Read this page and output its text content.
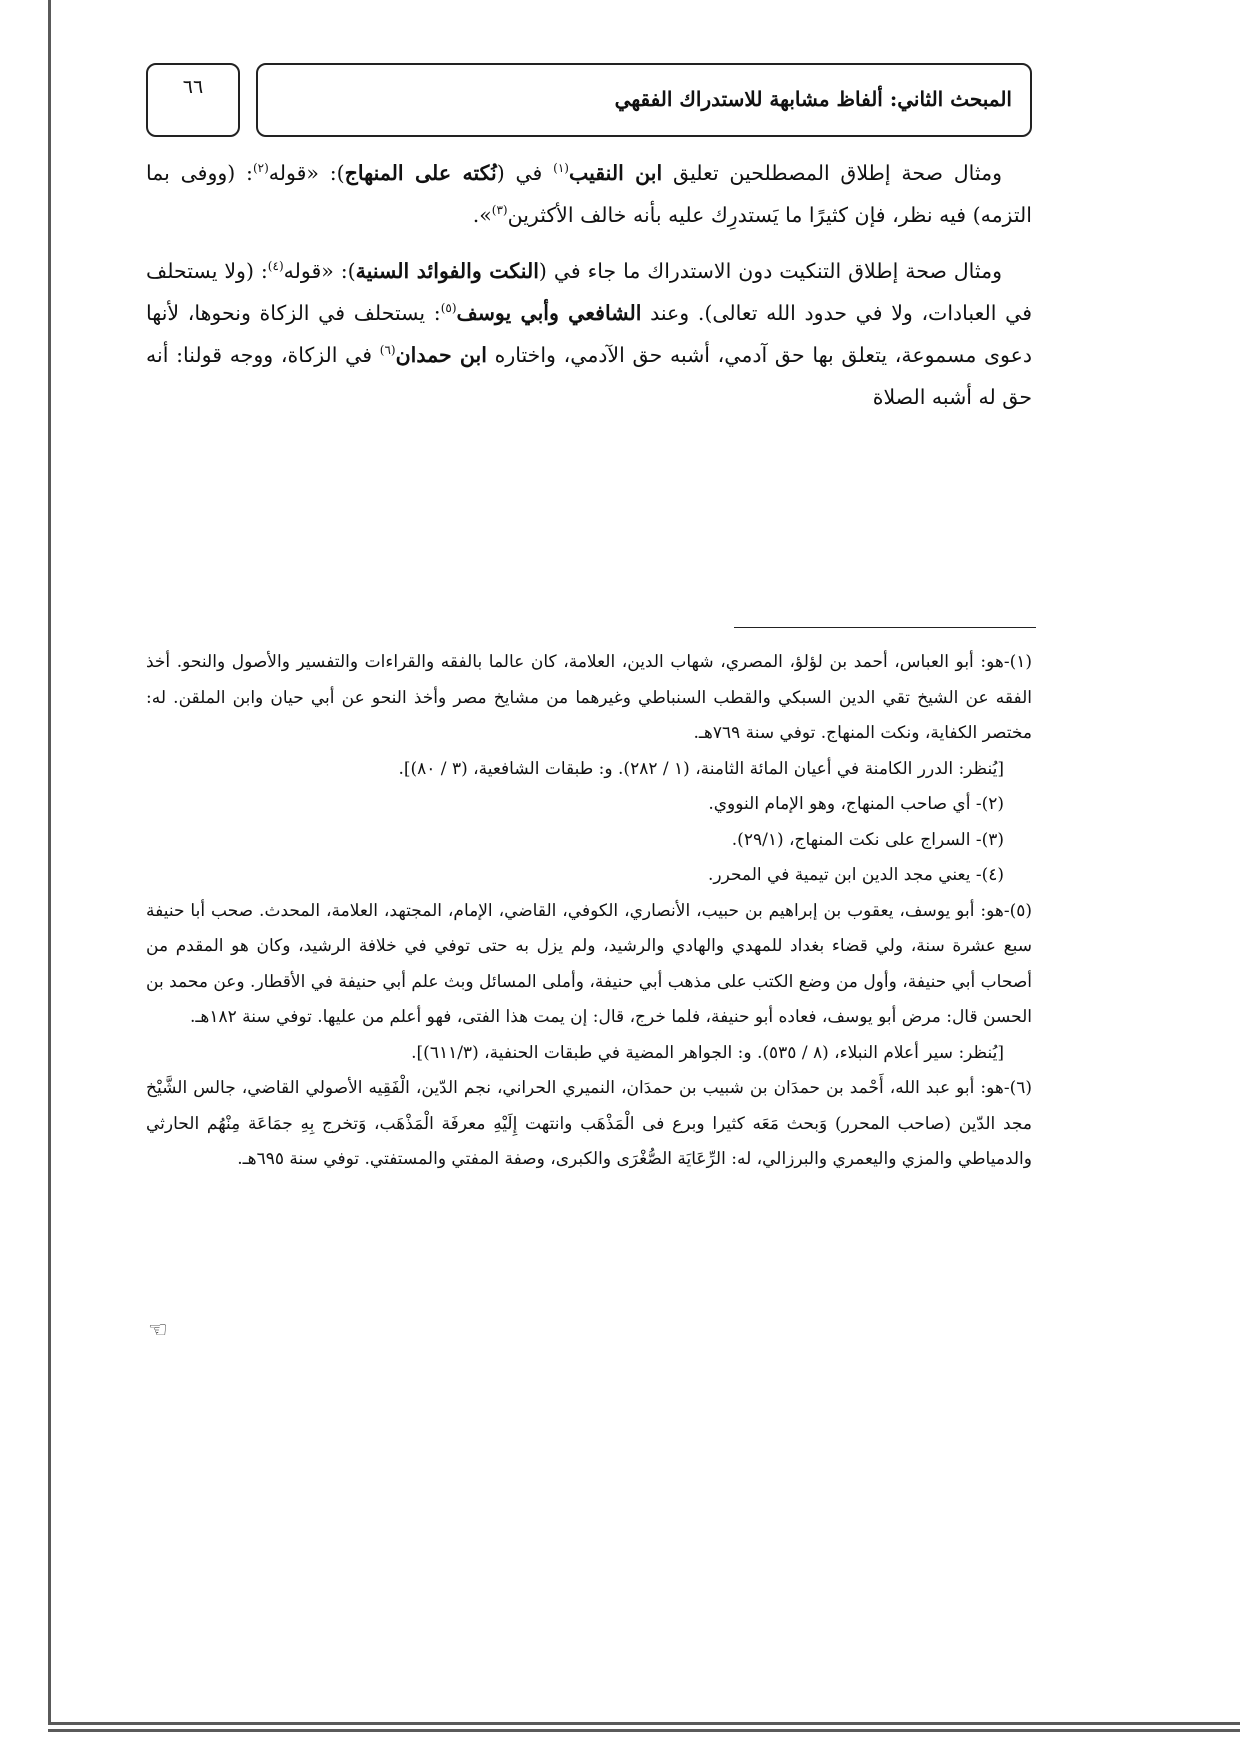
٦٦	المبحث الثاني: ألفاظ مشابهة للاستدراك الفقهي

ومثال صحة إطلاق المصطلحين تعليق ابن النقيب$^{(١)}$ في (نُكته على المنهاج): «قوله$^{(٢)}$: (ووفى بما التزمه) فيه نظر، فإن كثيرًا ما يَستدرِك عليه بأنه خالف الأكثرين$^{(٣)}$».

ومثال صحة إطلاق التنكيت دون الاستدراك ما جاء في (النكت والفوائد السنية): «قوله$^{(٤)}$: (ولا يستحلف في العبادات، ولا في حدود الله تعالى). وعند الشافعي وأبي يوسف$^{(٥)}$: يستحلف في الزكاة ونحوها، لأنها دعوى مسموعة، يتعلق بها حق آدمي، أشبه حق الآدمي، واختاره ابن حمدان$^{(٦)}$ في الزكاة، ووجه قولنا: أنه حق له أشبه الصلاة

(١)-هو: أبو العباس، أحمد بن لؤلؤ، المصري، شهاب الدين، العلامة، كان عالما بالفقه والقراءات والتفسير والأصول والنحو. أخذ الفقه عن الشيخ تقي الدين السبكي والقطب السنباطي وغيرهما من مشايخ مصر وأخذ النحو عن أبي حيان وابن الملقن. له: مختصر الكفاية، ونكت المنهاج. توفي سنة ٧٦٩هـ.

[يُنظر: الدرر الكامنة في أعيان المائة الثامنة، (١ / ٢٨٢). و: طبقات الشافعية، (٣ / ٨٠)].

(٢)- أي صاحب المنهاج، وهو الإمام النووي.

(٣)- السراج على نكت المنهاج، (٢٩/١).

(٤)- يعني مجد الدين ابن تيمية في المحرر.

(٥)-هو: أبو يوسف، يعقوب بن إبراهيم بن حبيب، الأنصاري، الكوفي، القاضي، الإمام، المجتهد، العلامة، المحدث. صحب أبا حنيفة سبع عشرة سنة، ولي قضاء بغداد للمهدي والهادي والرشيد، ولم يزل به حتى توفي في خلافة الرشيد، وكان هو المقدم من أصحاب أبي حنيفة، وأول من وضع الكتب على مذهب أبي حنيفة، وأملى المسائل وبث علم أبي حنيفة في الأقطار. وعن محمد بن الحسن قال: مرض أبو يوسف، فعاده أبو حنيفة، فلما خرج، قال: إن يمت هذا الفتى، فهو أعلم من عليها. توفي سنة ١٨٢هـ.

[يُنظر: سير أعلام النبلاء، (٨ / ٥٣٥). و: الجواهر المضية في طبقات الحنفية، (٦١١/٣)].

(٦)-هو: أبو عبد الله، أَحْمد بن حمدَان بن شبيب بن حمدَان، النميري الحراني، نجم الدّين، الْفَقِيه الأصولي القاضي، جالس الشَّيْخ مجد الدّين (صاحب المحرر) وَبحث مَعَه كثيرا وبرع فى الْمَذْهَب وانتهت إِلَيْهِ معرفَة الْمَذْهَب، وَتخرج بِهِ جمَاعَة مِنْهُم الحارثي والدمياطي والمزي واليعمري والبرزالي، له: الرِّعَايَة الصُّغْرَى والكبرى، وصفة المفتي والمستفتي. توفي سنة ٦٩٥هـ.

☜
